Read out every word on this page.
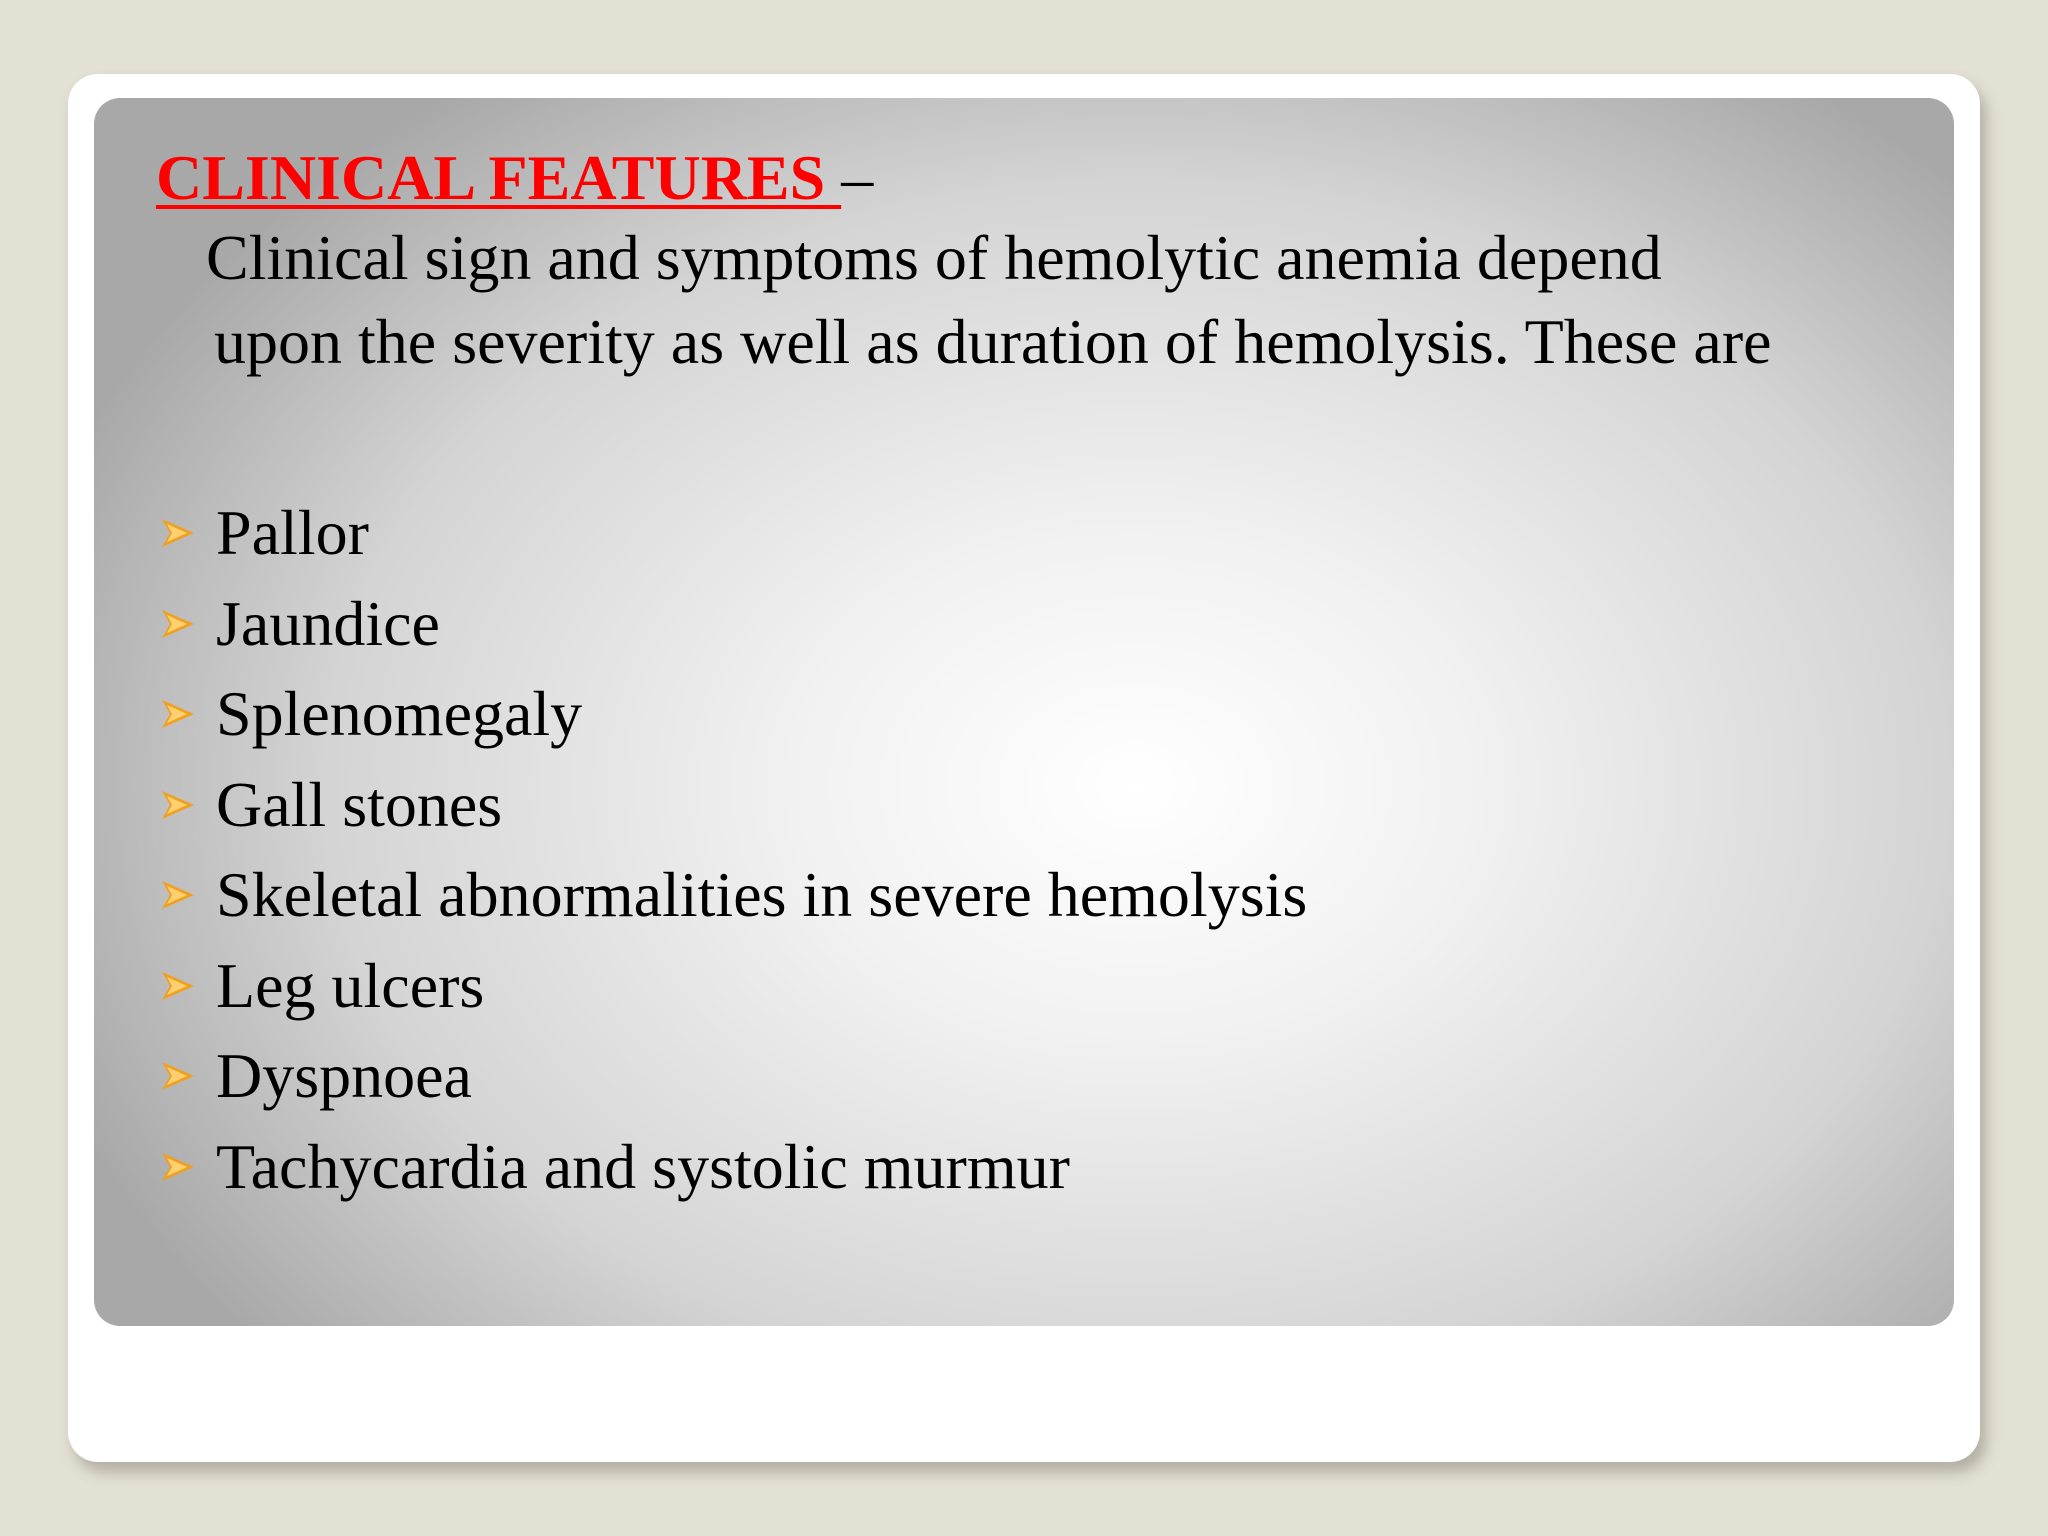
CLINICAL FEATURES –
Clinical sign and symptoms of hemolytic anemia depend
upon the severity as well as duration of hemolysis. These are
Pallor
Jaundice
Splenomegaly
Gall stones
Skeletal abnormalities in severe hemolysis
Leg ulcers
Dyspnoea
Tachycardia and systolic murmur
